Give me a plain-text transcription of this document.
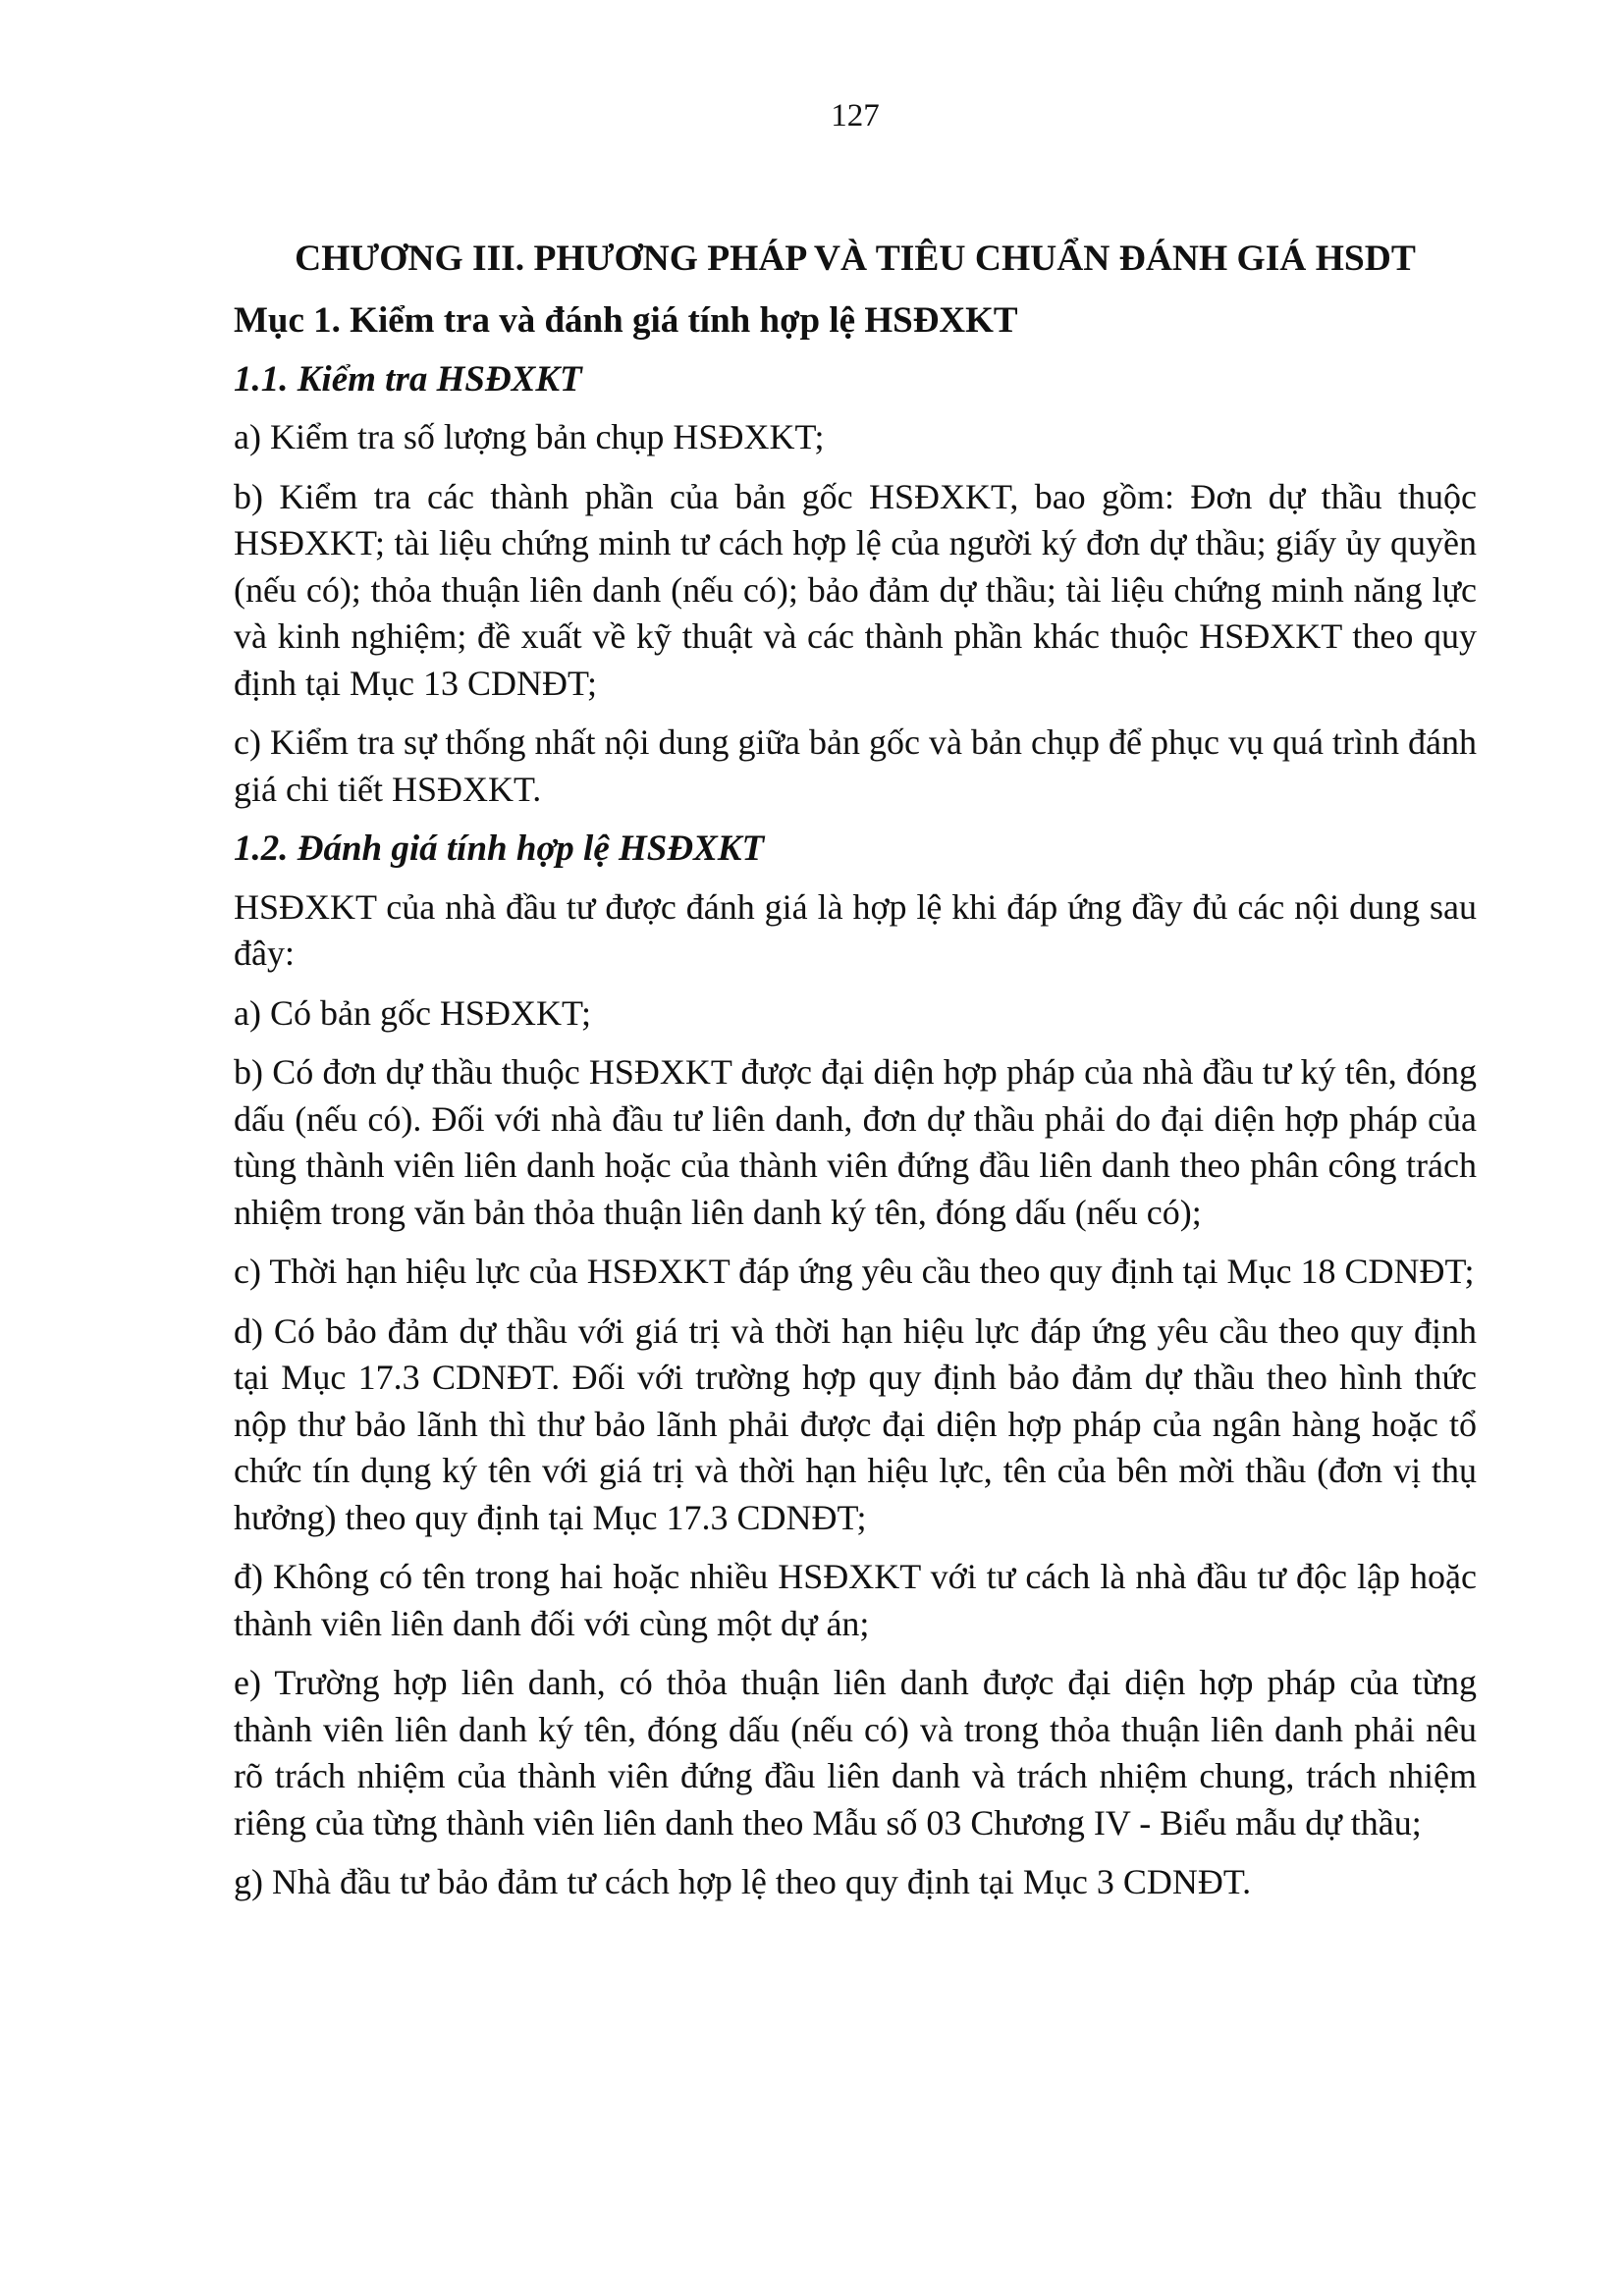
127
CHƯƠNG III. PHƯƠNG PHÁP VÀ TIÊU CHUẨN ĐÁNH GIÁ HSDT

Mục 1. Kiểm tra và đánh giá tính hợp lệ HSĐXKT

1.1. Kiểm tra HSĐXKT

a) Kiểm tra số lượng bản chụp HSĐXKT;

b) Kiểm tra các thành phần của bản gốc HSĐXKT, bao gồm: Đơn dự thầu thuộc HSĐXKT; tài liệu chứng minh tư cách hợp lệ của người ký đơn dự thầu; giấy ủy quyền (nếu có); thỏa thuận liên danh (nếu có); bảo đảm dự thầu; tài liệu chứng minh năng lực và kinh nghiệm; đề xuất về kỹ thuật và các thành phần khác thuộc HSĐXKT theo quy định tại Mục 13 CDNĐT;

c) Kiểm tra sự thống nhất nội dung giữa bản gốc và bản chụp để phục vụ quá trình đánh giá chi tiết HSĐXKT.

1.2. Đánh giá tính hợp lệ HSĐXKT

HSĐXKT của nhà đầu tư được đánh giá là hợp lệ khi đáp ứng đầy đủ các nội dung sau đây:

a) Có bản gốc HSĐXKT;

b) Có đơn dự thầu thuộc HSĐXKT được đại diện hợp pháp của nhà đầu tư ký tên, đóng dấu (nếu có). Đối với nhà đầu tư liên danh, đơn dự thầu phải do đại diện hợp pháp của tùng thành viên liên danh hoặc của thành viên đứng đầu liên danh theo phân công trách nhiệm trong văn bản thỏa thuận liên danh ký tên, đóng dấu (nếu có);

c) Thời hạn hiệu lực của HSĐXKT đáp ứng yêu cầu theo quy định tại Mục 18 CDNĐT;

d) Có bảo đảm dự thầu với giá trị và thời hạn hiệu lực đáp ứng yêu cầu theo quy định tại Mục 17.3 CDNĐT. Đối với trường hợp quy định bảo đảm dự thầu theo hình thức nộp thư bảo lãnh thì thư bảo lãnh phải được đại diện hợp pháp của ngân hàng hoặc tổ chức tín dụng ký tên với giá trị và thời hạn hiệu lực, tên của bên mời thầu (đơn vị thụ hưởng) theo quy định tại Mục 17.3 CDNĐT;

đ) Không có tên trong hai hoặc nhiều HSĐXKT với tư cách là nhà đầu tư độc lập hoặc thành viên liên danh đối với cùng một dự án;

e) Trường hợp liên danh, có thỏa thuận liên danh được đại diện hợp pháp của từng thành viên liên danh ký tên, đóng dấu (nếu có) và trong thỏa thuận liên danh phải nêu rõ trách nhiệm của thành viên đứng đầu liên danh và trách nhiệm chung, trách nhiệm riêng của từng thành viên liên danh theo Mẫu số 03 Chương IV - Biểu mẫu dự thầu;

g) Nhà đầu tư bảo đảm tư cách hợp lệ theo quy định tại Mục 3 CDNĐT.
